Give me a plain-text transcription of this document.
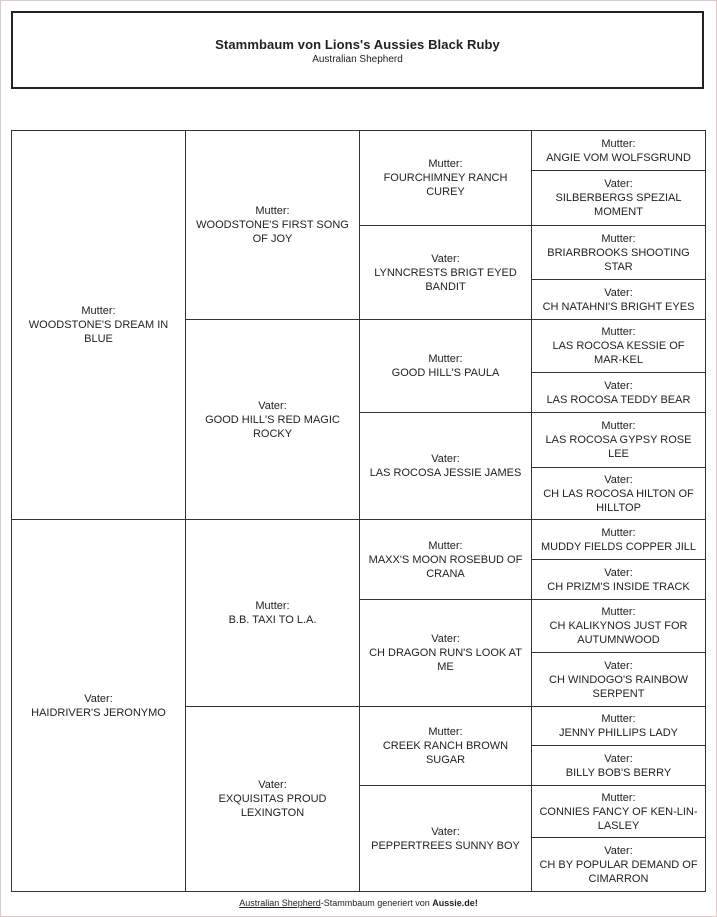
Stammbaum von Lions's Aussies Black Ruby
Australian Shepherd
Mutter:
WOODSTONE'S DREAM IN BLUE
Vater:
HAIDRIVER'S JERONYMO
Mutter:
WOODSTONE'S FIRST SONG OF JOY
Vater:
GOOD HILL'S RED MAGIC ROCKY
Mutter:
B.B. TAXI TO L.A.
Vater:
EXQUISITAS PROUD LEXINGTON
Mutter:
FOURCHIMNEY RANCH CUREY
Vater:
LYNNCRESTS BRIGT EYED BANDIT
Mutter:
GOOD HILL'S PAULA
Vater:
LAS ROCOSA JESSIE JAMES
Mutter:
MAXX'S MOON ROSEBUD OF CRANA
Vater:
CH DRAGON RUN'S LOOK AT ME
Mutter:
CREEK RANCH BROWN SUGAR
Vater:
PEPPERTREES SUNNY BOY
Mutter:
ANGIE VOM WOLFSGRUND
Vater:
SILBERBERGS SPEZIAL MOMENT
Mutter:
BRIARBROOKS SHOOTING STAR
Vater:
CH NATAHNI'S BRIGHT EYES
Mutter:
LAS ROCOSA KESSIE OF MAR-KEL
Vater:
LAS ROCOSA TEDDY BEAR
Mutter:
LAS ROCOSA GYPSY ROSE LEE
Vater:
CH LAS ROCOSA HILTON OF HILLTOP
Mutter:
MUDDY FIELDS COPPER JILL
Vater:
CH PRIZM'S INSIDE TRACK
Mutter:
CH KALIKYNOS JUST FOR AUTUMNWOOD
Vater:
CH WINDOGO'S RAINBOW SERPENT
Mutter:
JENNY PHILLIPS LADY
Vater:
BILLY BOB'S BERRY
Mutter:
CONNIES FANCY OF KEN-LIN-LASLEY
Vater:
CH BY POPULAR DEMAND OF CIMARRON
Australian Shepherd-Stammbaum generiert von Aussie.de!
